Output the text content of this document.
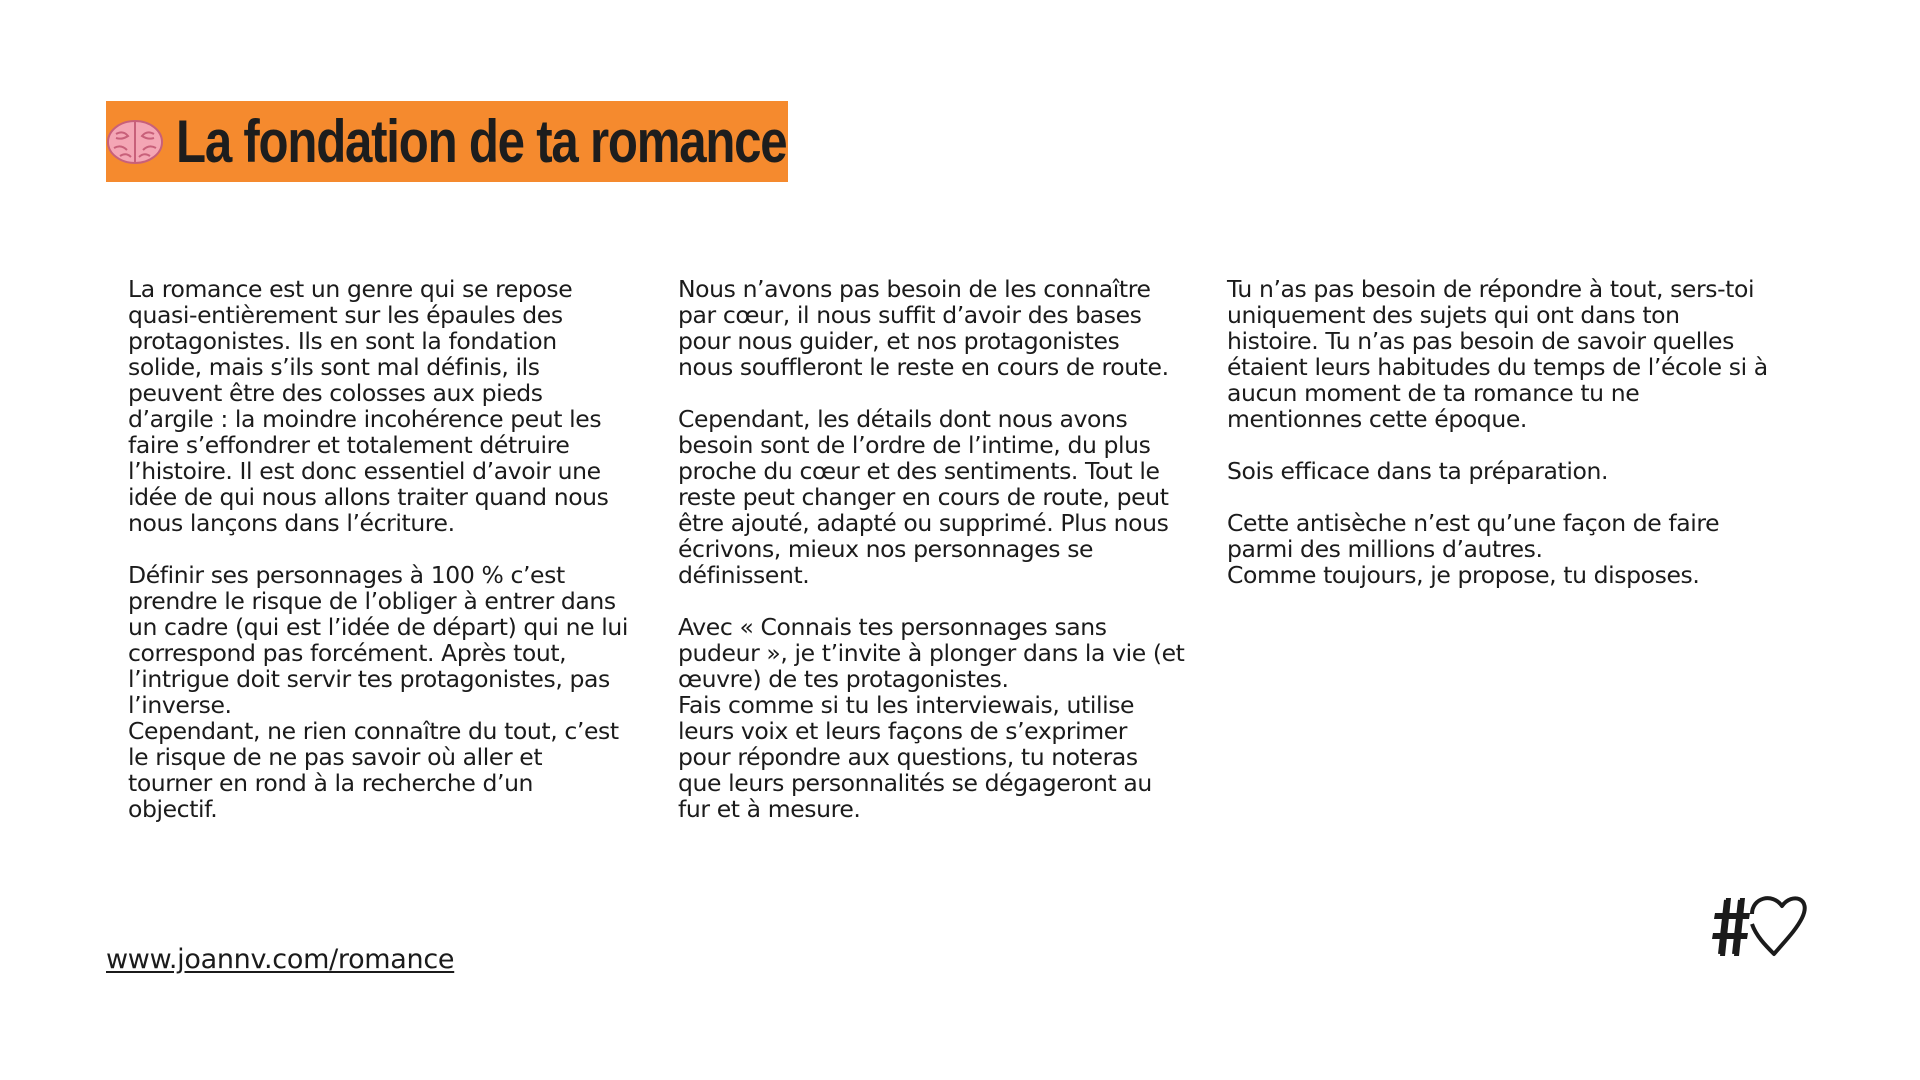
La fondation de ta romance

La romance est un genre qui se repose
quasi-entièrement sur les épaules des
protagonistes. Ils en sont la fondation
solide, mais s’ils sont mal définis, ils
peuvent être des colosses aux pieds
d’argile : la moindre incohérence peut les
faire s’effondrer et totalement détruire
l’histoire. Il est donc essentiel d’avoir une
idée de qui nous allons traiter quand nous
nous lançons dans l’écriture.

Définir ses personnages à 100 % c’est
prendre le risque de l’obliger à entrer dans
un cadre (qui est l’idée de départ) qui ne lui
correspond pas forcément. Après tout,
l’intrigue doit servir tes protagonistes, pas
l’inverse.

Cependant, ne rien connaître du tout, c’est
le risque de ne pas savoir où aller et
tourner en rond à la recherche d’un
objectif.

Nous n’avons pas besoin de les connaître
par cœur, il nous suffit d’avoir des bases
pour nous guider, et nos protagonistes
nous souffleront le reste en cours de route.

Cependant, les détails dont nous avons
besoin sont de l’ordre de l’intime, du plus
proche du cœur et des sentiments. Tout le
reste peut changer en cours de route, peut
être ajouté, adapté ou supprimé. Plus nous
écrivons, mieux nos personnages se
définissent.

Avec « Connais tes personnages sans
pudeur », je t’invite à plonger dans la vie (et
œuvre) de tes protagonistes.

Fais comme si tu les interviewais, utilise
leurs voix et leurs façons de s’exprimer
pour répondre aux questions, tu noteras
que leurs personnalités se dégageront au
fur et à mesure.

Tu n’as pas besoin de répondre à tout, sers-toi
uniquement des sujets qui ont dans ton
histoire. Tu n’as pas besoin de savoir quelles
étaient leurs habitudes du temps de l’école si à
aucun moment de ta romance tu ne
mentionnes cette époque.

Sois efficace dans ta préparation.

Cette antisèche n’est qu’une façon de faire
parmi des millions d’autres.

Comme toujours, je propose, tu disposes.

www.joannv.com/romance
